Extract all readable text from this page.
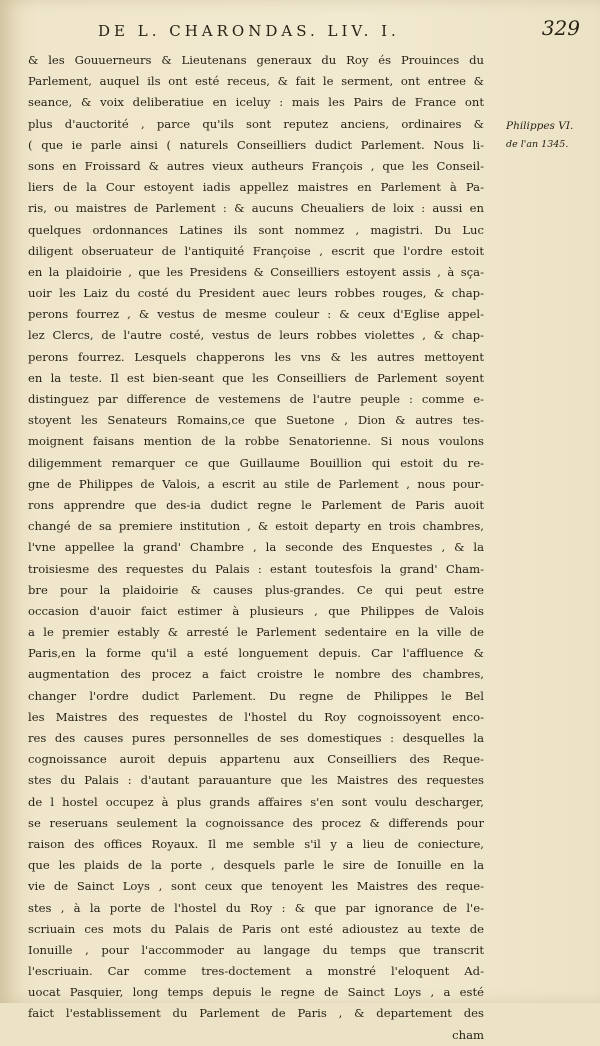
DE L. CHARONDAS. LIV. I.	329
Philippes VI.
de l'an 1345.
& les Gouuerneurs & Lieutenans generaux du Roy és Prouinces du
Parlement, auquel ils ont esté receus, & fait le serment, ont entree &
seance, & voix deliberatiue en iceluy : mais les Pairs de France ont
plus d'auctorité , parce qu'ils sont reputez anciens, ordinaires &
( que ie parle ainsi ( naturels Conseilliers dudict Parlement. Nous li-
sons en Froissard & autres vieux autheurs François , que les Conseil-
liers de la Cour estoyent iadis appellez maistres en Parlement à Pa-
ris, ou maistres de Parlement : & aucuns Cheualiers de loix : aussi en
quelques ordonnances Latines ils sont nommez , magistri. Du Luc
diligent obseruateur de l'antiquité Françoise , escrit que l'ordre estoit
en la plaidoirie , que les Presidens & Conseilliers estoyent assis , à sça-
uoir les Laiz du costé du President auec leurs robbes rouges, & chap-
perons fourrez , & vestus de mesme couleur : & ceux d'Eglise appel-
lez Clercs, de l'autre costé, vestus de leurs robbes violettes , & chap-
perons fourrez. Lesquels chapperons les vns & les autres mettoyent
en la teste. Il est bien-seant que les Conseilliers de Parlement soyent
distinguez par difference de vestemens de l'autre peuple : comme e-
stoyent les Senateurs Romains,ce que Suetone , Dion & autres tes-
moignent faisans mention de la robbe Senatorienne. Si nous voulons
diligemment remarquer ce que Guillaume Bouillion qui estoit du re-
gne de Philippes de Valois, a escrit au stile de Parlement , nous pour-
rons apprendre que des-ia dudict regne le Parlement de Paris auoit
changé de sa premiere institution , & estoit departy en trois chambres,
l'vne appellee la grand' Chambre , la seconde des Enquestes , & la
troisiesme des requestes du Palais : estant toutesfois la grand' Cham-
bre pour la plaidoirie & causes plus-grandes. Ce qui peut estre
occasion d'auoir faict estimer à plusieurs , que Philippes de Valois
a le premier estably & arresté le Parlement sedentaire en la ville de
Paris,en la forme qu'il a esté longuement depuis. Car l'affluence &
augmentation des procez a faict croistre le nombre des chambres,
changer l'ordre dudict Parlement. Du regne de Philippes le Bel
les Maistres des requestes de l'hostel du Roy cognoissoyent enco-
res des causes pures personnelles de ses domestiques : desquelles la
cognoissance auroit depuis appartenu aux Conseilliers des Reque-
stes du Palais : d'autant parauanture que les Maistres des requestes
de l hostel occupez à plus grands affaires s'en sont voulu descharger,
se reseruans seulement la cognoissance des procez & differends pour
raison des offices Royaux. Il me semble s'il y a lieu de coniecture,
que les plaids de la porte , desquels parle le sire de Ionuille en la
vie de Sainct Loys , sont ceux que tenoyent les Maistres des reque-
stes , à la porte de l'hostel du Roy : & que par ignorance de l'e-
scriuain ces mots du Palais de Paris ont esté adioustez au texte de
Ionuille , pour l'accommoder au langage du temps que transcrit
l'escriuain. Car comme tres-doctement a monstré l'eloquent Ad-
uocat Pasquier, long temps depuis le regne de Sainct Loys , a esté
faict l'establissement du Parlement de Paris , & departement des
cham
